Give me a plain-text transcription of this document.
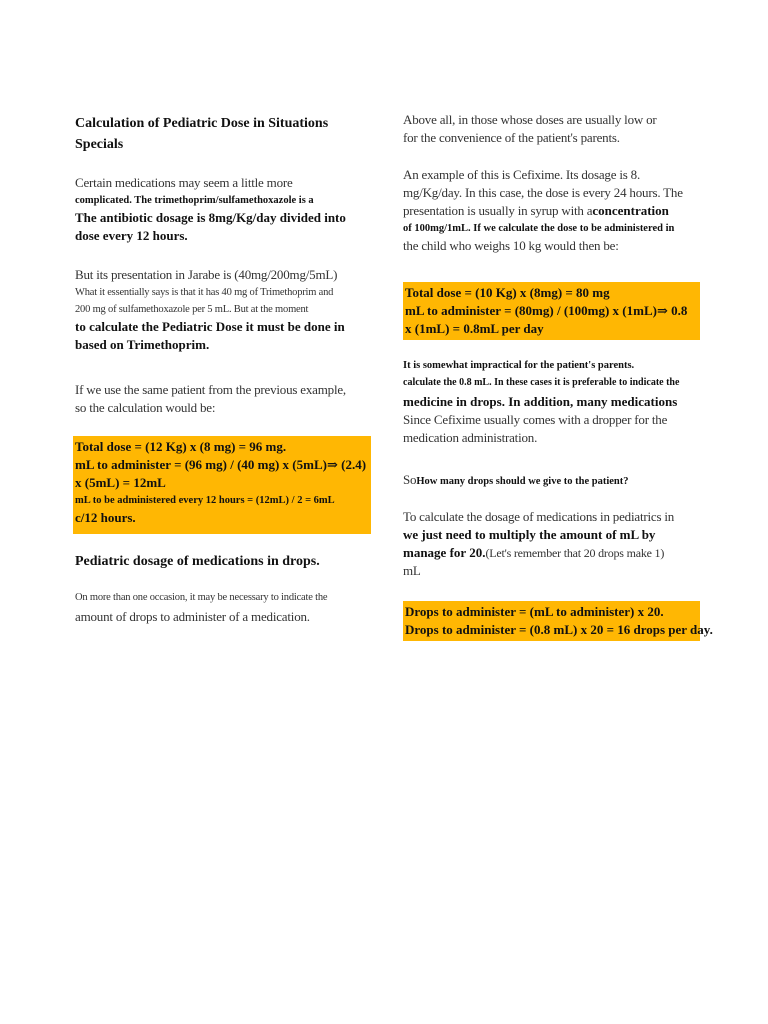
Calculation of Pediatric Dose in Situations
Specials
Certain medications may seem a little more
complicated. The trimethoprim/sulfamethoxazole is a
The antibiotic dosage is 8mg/Kg/day divided into
dose every 12 hours.
But its presentation in Jarabe is (40mg/200mg/5mL)
What it essentially says is that it has 40 mg of Trimethoprim and
200 mg of sulfamethoxazole per 5 mL. But at the moment
to calculate the Pediatric Dose it must be done in
based on Trimethoprim.
If we use the same patient from the previous example,
so the calculation would be:
Total dose = (12 Kg) x (8 mg) = 96 mg.
mL to administer = (96 mg) / (40 mg) x (5mL)⇒ (2.4)
x (5mL) = 12mL
mL to be administered every 12 hours = (12mL) / 2 = 6mL
c/12 hours.
Pediatric dosage of medications in drops.
On more than one occasion, it may be necessary to indicate the
amount of drops to administer of a medication.
Above all, in those whose doses are usually low or
for the convenience of the patient's parents.
An example of this is Cefixime. Its dosage is 8.
mg/Kg/day. In this case, the dose is every 24 hours. The
presentation is usually in syrup with aconcentration
of 100mg/1mL. If we calculate the dose to be administered in
the child who weighs 10 kg would then be:
Total dose = (10 Kg) x (8mg) = 80 mg
mL to administer = (80mg) / (100mg) x (1mL)⇒ 0.8
x (1mL) = 0.8mL per day
It is somewhat impractical for the patient's parents.
calculate the 0.8 mL. In these cases it is preferable to indicate the
medicine in drops. In addition, many medications
Since Cefixime usually comes with a dropper for the
medication administration.
SoHow many drops should we give to the patient?
To calculate the dosage of medications in pediatrics in
we just need to multiply the amount of mL by
manage for 20.(Let's remember that 20 drops make 1)
mL
Drops to administer = (mL to administer) x 20.
Drops to administer = (0.8 mL) x 20 = 16 drops per day.
